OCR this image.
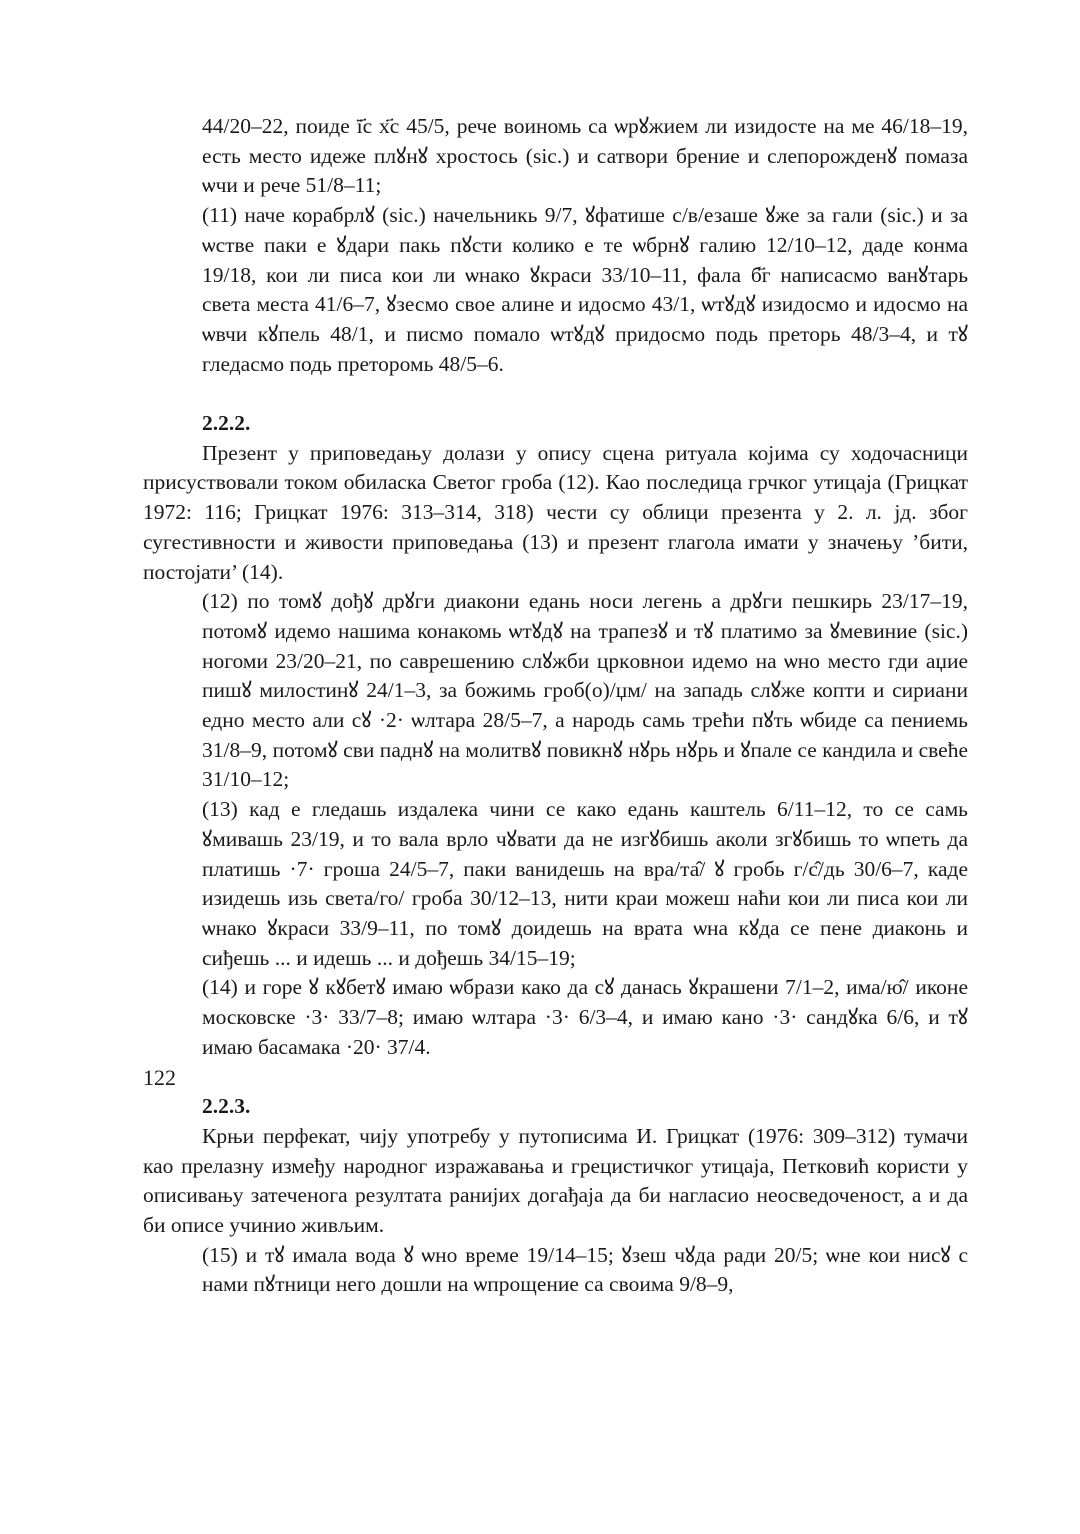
44/20–22, поиде ї҃с х҃с 45/5, рече воиномь са ѡрꙋжием ли изидосте на ме 46/18–19, есть место идеже плꙋнꙋ хростось (sic.) и сатвори брение и слепорожденꙋ помаза ѡчи и рече 51/8–11;

(11) наче корабрлꙋ (sic.) начельникь 9/7, ꙋфатише с/в/езаше ꙋже за гали (sic.) и за ѡстве паки е ꙋдари пакь пꙋсти колико е те ѡбрнꙋ галию 12/10–12, даде конма 19/18, кои ли писа кои ли ѡнако ꙋкраси 33/10–11, фала б҃г написасмо ванꙋтарь света места 41/6–7, ꙋзесмо свое алине и идосмо 43/1, ѡтꙋдꙋ изидосмо и идосмо на ѡвчи кꙋпель 48/1, и писмо помало ѡтꙋдꙋ придосмо подь преторь 48/3–4, и тꙋ гледасмо подь преторомь 48/5–6.

2.2.2.

Презент у приповедању долази у опису сцена ритуала којима су ходочасници присуствовали током обиласка Светог гроба (12). Као последица грчког утицаја (Грицкат 1972: 116; Грицкат 1976: 313–314, 318) чести су облици презента у 2. л. јд. због сугестивности и живости приповедања (13) и презент глагола имати у значењу ’бити, постојати’ (14).

(12) по томꙋ дођꙋ дрꙋги диакони едань носи легень а дрꙋги пешкирь 23/17–19, потомꙋ идемо нашима конакомь ѡтꙋдꙋ на трапезꙋ и тꙋ платимо за ꙋмевиние (sic.) ногоми 23/20–21, по саврешению слꙋжби цркoвнои идемо на ѡно место гди аџие пишꙋ милостинꙋ 24/1–3, за божимь гроб(о)/џм/ на западь слꙋже копти и сириани едно место али сꙋ ·2· ѡлтара 28/5–7, а народь самь трећи пꙋть ѡбиде са пениемь 31/8–9, потомꙋ сви паднꙋ на молитвꙋ повикнꙋ нꙋрь нꙋрь и ꙋпале се кандила и свеће 31/10–12;

(13) кад е гледашь издалека чини се како едань каштель 6/11–12, то се самь ꙋмивашь 23/19, и то вала врло чꙋвати да не изгꙋбишь аколи згꙋбишь то ѡпеть да платишь ·7· гроша 24/5–7, паки ванидешь на вра/та̂/ ꙋ гробь г/с̂/дь 30/6–7, каде изидешь изь света/го/ гроба 30/12–13, нити краи можеш наћи кои ли писа кои ли ѡнако ꙋкраси 33/9–11, по томꙋ доидешь на врата ѡна кꙋда се пене диаконь и сиђешь ... и идешь ... и дођешь 34/15–19;

(14) и горе ꙋ кꙋбетꙋ имаю ѡбрази како да сꙋ данась ꙋкрашени 7/1–2, има/ю̂/ иконе московске ·3· 33/7–8; имаю ѡлтара ·3· 6/3–4, и имаю кано ·3· сандꙋка 6/6, и тꙋ имаю басамака ·20· 37/4.

2.2.3.

Крњи перфекат, чију употребу у путописима И. Грицкат (1976: 309–312) тумачи као прелазну између народног изражавања и грецистичког утицаја, Петковић користи у описивању затеченога резултата ранијих догађаја да би нагласио неосведоченост, а и да би описе учинио живљим.

(15) и тꙋ имала вода ꙋ ѡно време 19/14–15; ꙋзеш чꙋда ради 20/5; ѡне кои нисꙋ с нами пꙋтници него дошли на ѡпрощение са своима 9/8–9,

122
